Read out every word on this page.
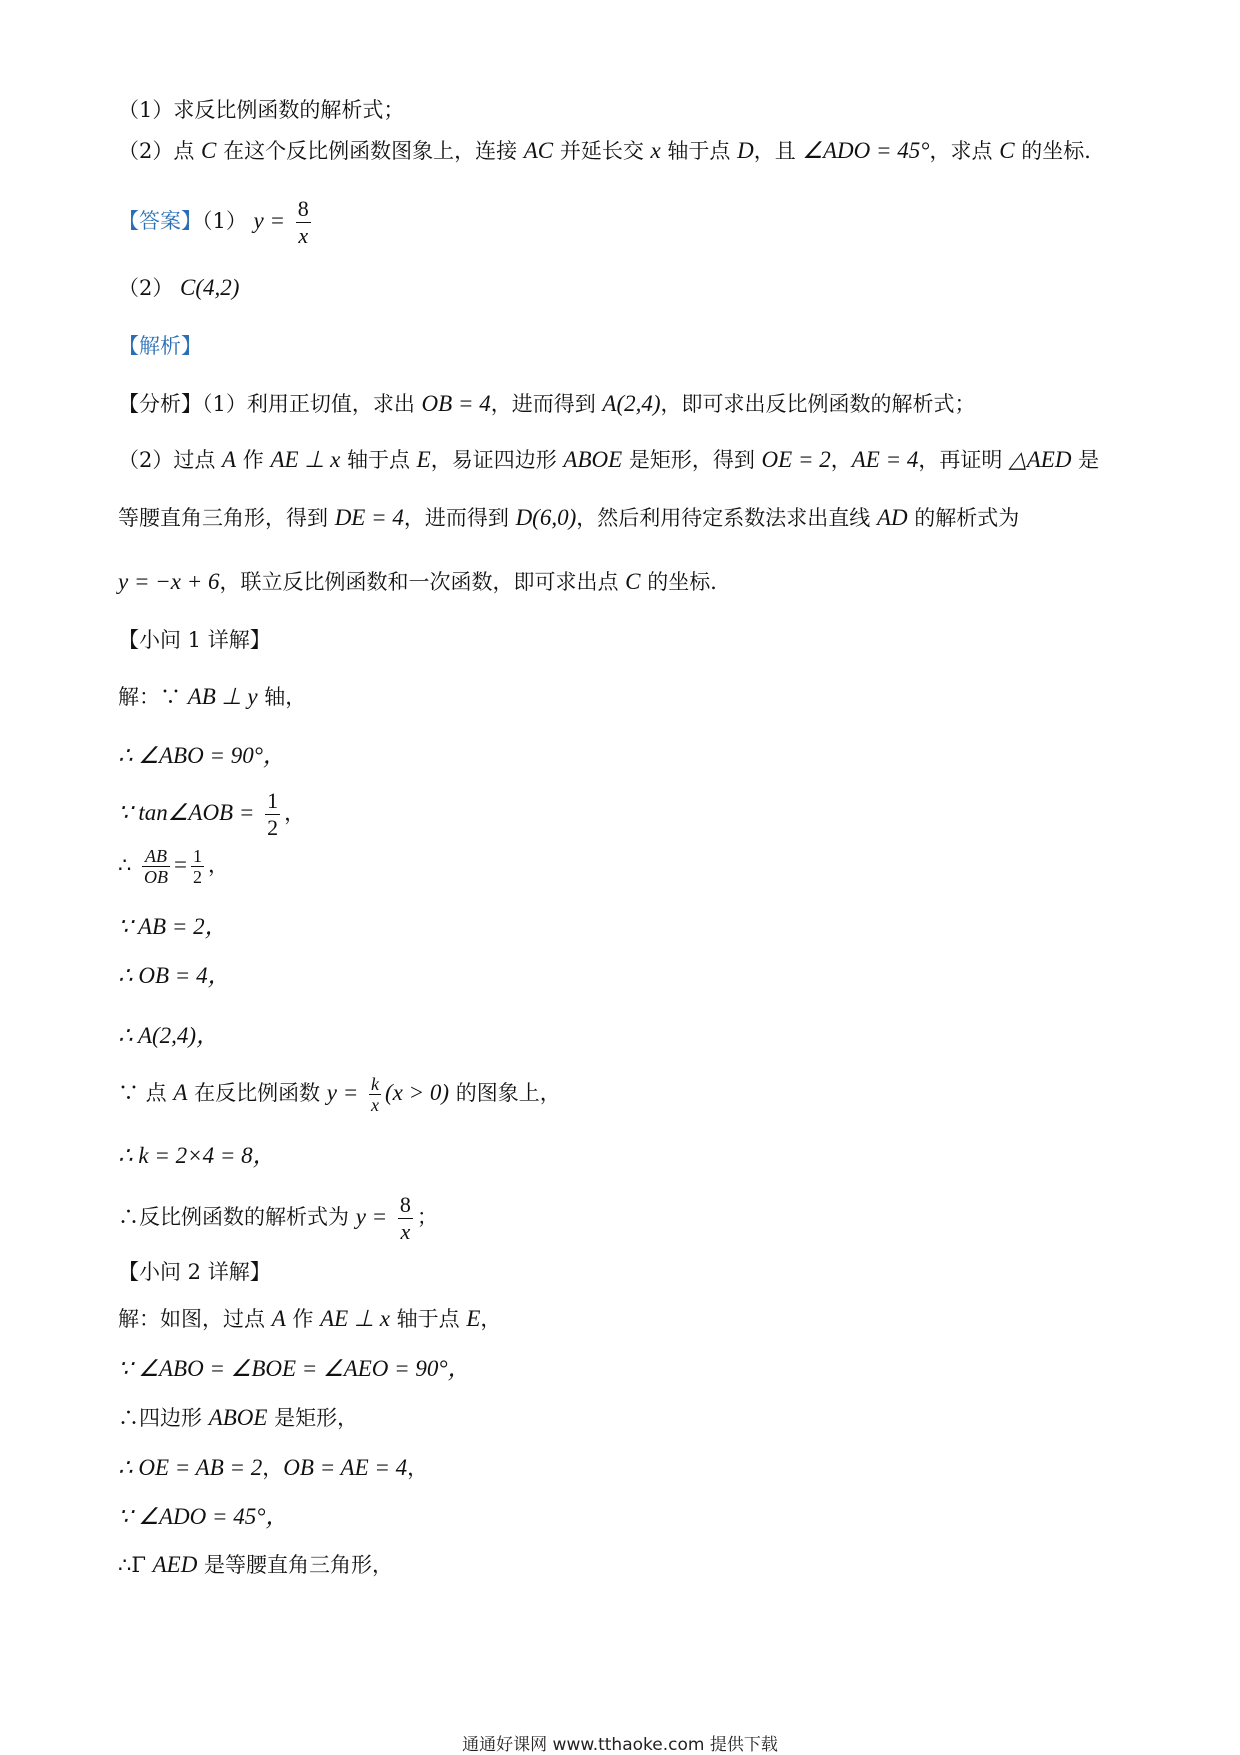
（1）求反比例函数的解析式；
（2）点 C 在这个反比例函数图象上，连接 AC 并延长交 x 轴于点 D，且 ∠ADO = 45°，求点 C 的坐标．
【答案】（1） $y = \frac{8}{x}$
（2） C(4,2)
【解析】
【分析】（1）利用正切值，求出 OB = 4，进而得到 A(2,4)，即可求出反比例函数的解析式；
（2）过点 A 作 AE ⊥ x 轴于点 E，易证四边形 ABOE 是矩形，得到 OE = 2，AE = 4，再证明 △AED 是
等腰直角三角形，得到 DE = 4，进而得到 D(6,0)，然后利用待定系数法求出直线 AD 的解析式为
y = −x + 6，联立反比例函数和一次函数，即可求出点 C 的坐标．
【小问 1 详解】
解：∵ AB ⊥ y 轴，
∴ ∠ABO = 90°，
∵ tan∠AOB = $\frac{1}{2}$ ，
∴ $\frac{AB}{OB} = \frac{1}{2}$ ，
∵ AB = 2，
∴ OB = 4，
∴ A(2,4)，
∵ 点 A 在反比例函数 $y = \frac{k}{x} (x > 0)$ 的图象上，
∴ k = 2×4 = 8，
∴反比例函数的解析式为 $y = \frac{8}{x}$ ；
【小问 2 详解】
解：如图，过点 A 作 AE ⊥ x 轴于点 E，
∵ ∠ABO = ∠BOE = ∠AEO = 90°，
∴四边形 ABOE 是矩形，
∴ OE = AB = 2，OB = AE = 4，
∵ ∠ADO = 45°，
∴Γ AED 是等腰直角三角形，
通通好课网 www.tthaoke.com 提供下载
